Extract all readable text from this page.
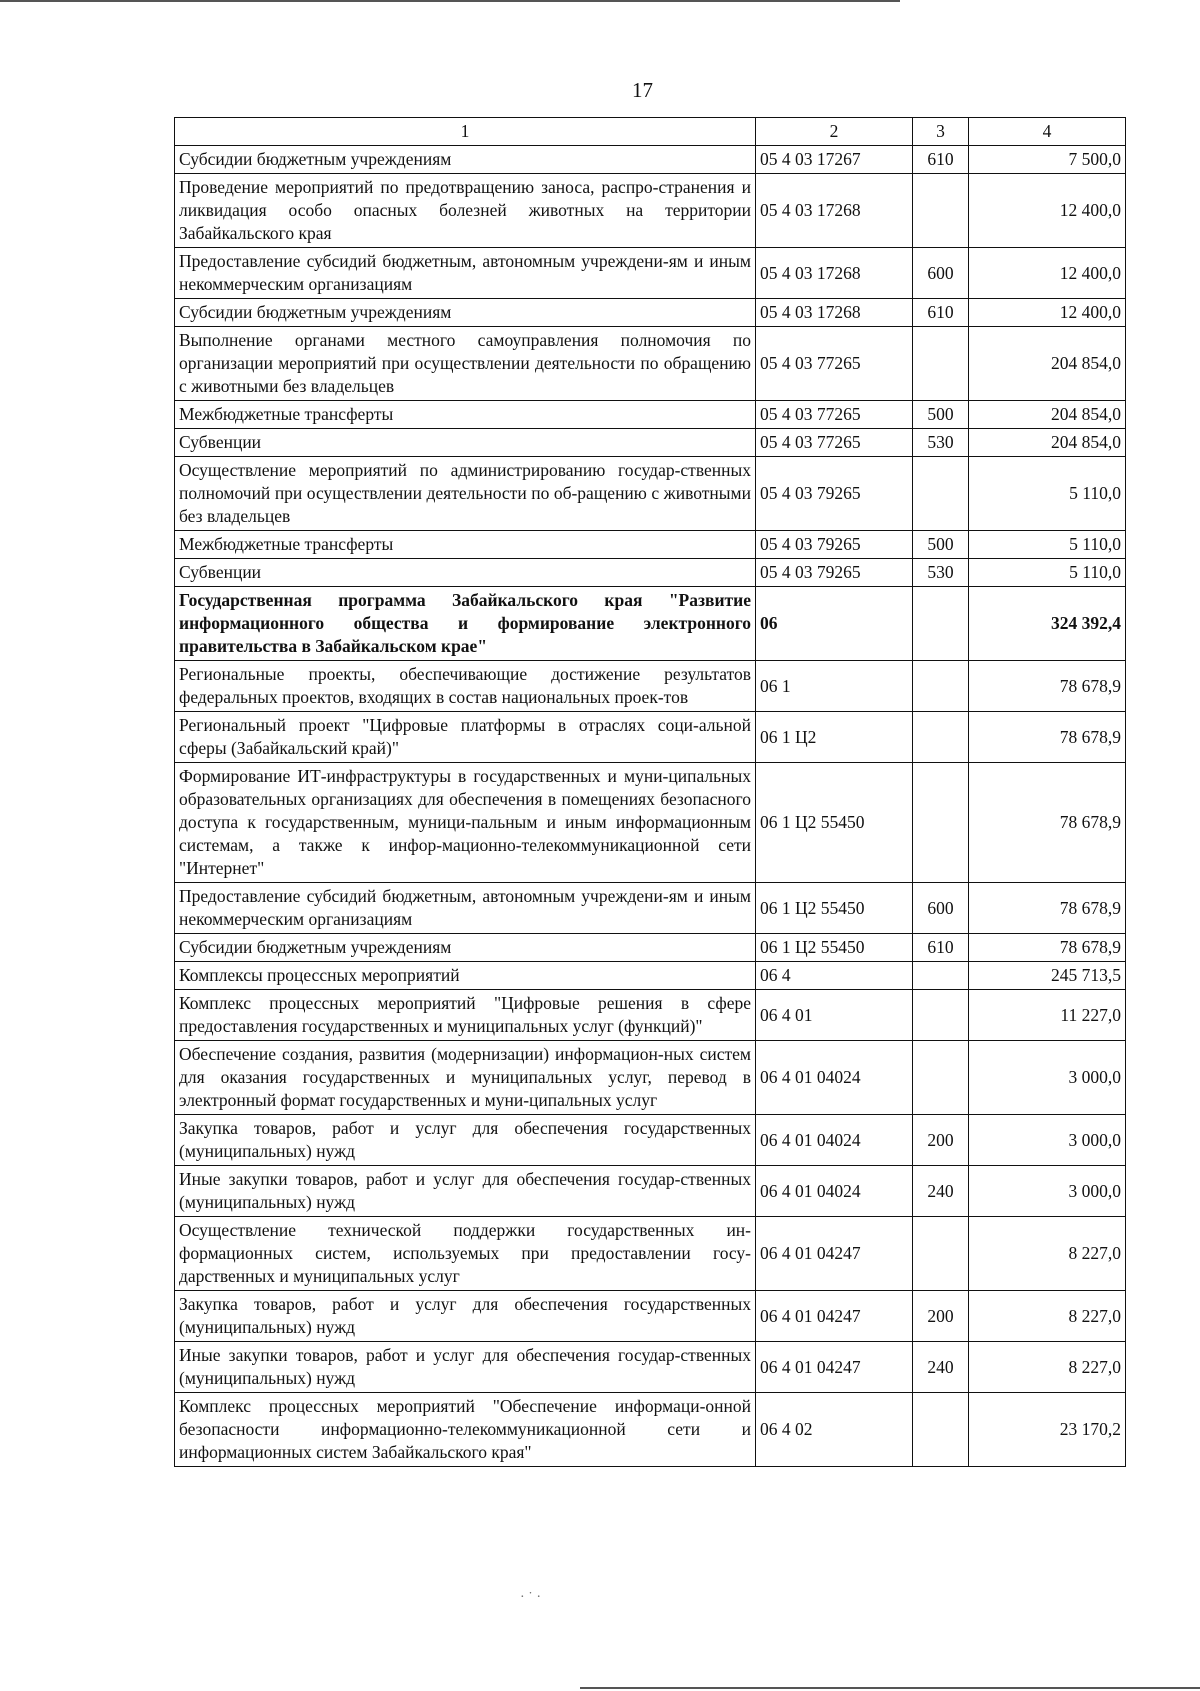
17
1	2	3	4
Субсидии бюджетным учреждениям	05 4 03 17267	610	7 500,0
Проведение мероприятий по предотвращению заноса, распро-странения и ликвидация особо опасных болезней животных на территории Забайкальского края	05 4 03 17268		12 400,0
Предоставление субсидий бюджетным, автономным учреждени-ям и иным некоммерческим организациям	05 4 03 17268	600	12 400,0
Субсидии бюджетным учреждениям	05 4 03 17268	610	12 400,0
Выполнение органами местного самоуправления полномочия по организации мероприятий при осуществлении деятельности по обращению с животными без владельцев	05 4 03 77265		204 854,0
Межбюджетные трансферты	05 4 03 77265	500	204 854,0
Субвенции	05 4 03 77265	530	204 854,0
Осуществление мероприятий по администрированию государ-ственных полномочий при осуществлении деятельности по об-ращению с животными без владельцев	05 4 03 79265		5 110,0
Межбюджетные трансферты	05 4 03 79265	500	5 110,0
Субвенции	05 4 03 79265	530	5 110,0
Государственная программа Забайкальского края "Развитие информационного общества и формирование электронного правительства в Забайкальском крае"	06		324 392,4
Региональные проекты, обеспечивающие достижение результатов федеральных проектов, входящих в состав национальных проек-тов	06 1		78 678,9
Региональный проект "Цифровые платформы в отраслях соци-альной сферы (Забайкальский край)"	06 1 Ц2		78 678,9
Формирование ИТ-инфраструктуры в государственных и муни-ципальных образовательных организациях для обеспечения в помещениях безопасного доступа к государственным, муници-пальным и иным информационным системам, а также к инфор-мационно-телекоммуникационной сети "Интернет"	06 1 Ц2 55450		78 678,9
Предоставление субсидий бюджетным, автономным учреждени-ям и иным некоммерческим организациям	06 1 Ц2 55450	600	78 678,9
Субсидии бюджетным учреждениям	06 1 Ц2 55450	610	78 678,9
Комплексы процессных мероприятий	06 4		245 713,5
Комплекс процессных мероприятий "Цифровые решения в сфере предоставления государственных и муниципальных услуг (функций)"	06 4 01		11 227,0
Обеспечение создания, развития (модернизации) информацион-ных систем для оказания государственных и муниципальных услуг, перевод в электронный формат государственных и муни-ципальных услуг	06 4 01 04024		3 000,0
Закупка товаров, работ и услуг для обеспечения государственных (муниципальных) нужд	06 4 01 04024	200	3 000,0
Иные закупки товаров, работ и услуг для обеспечения государ-ственных (муниципальных) нужд	06 4 01 04024	240	3 000,0
Осуществление технической поддержки государственных ин-формационных систем, используемых при предоставлении госу-дарственных и муниципальных услуг	06 4 01 04247		8 227,0
Закупка товаров, работ и услуг для обеспечения государственных (муниципальных) нужд	06 4 01 04247	200	8 227,0
Иные закупки товаров, работ и услуг для обеспечения государ-ственных (муниципальных) нужд	06 4 01 04247	240	8 227,0
Комплекс процессных мероприятий "Обеспечение информаци-онной безопасности информационно-телекоммуникационной сети и информационных систем Забайкальского края"	06 4 02		23 170,2
· ˙ ·
